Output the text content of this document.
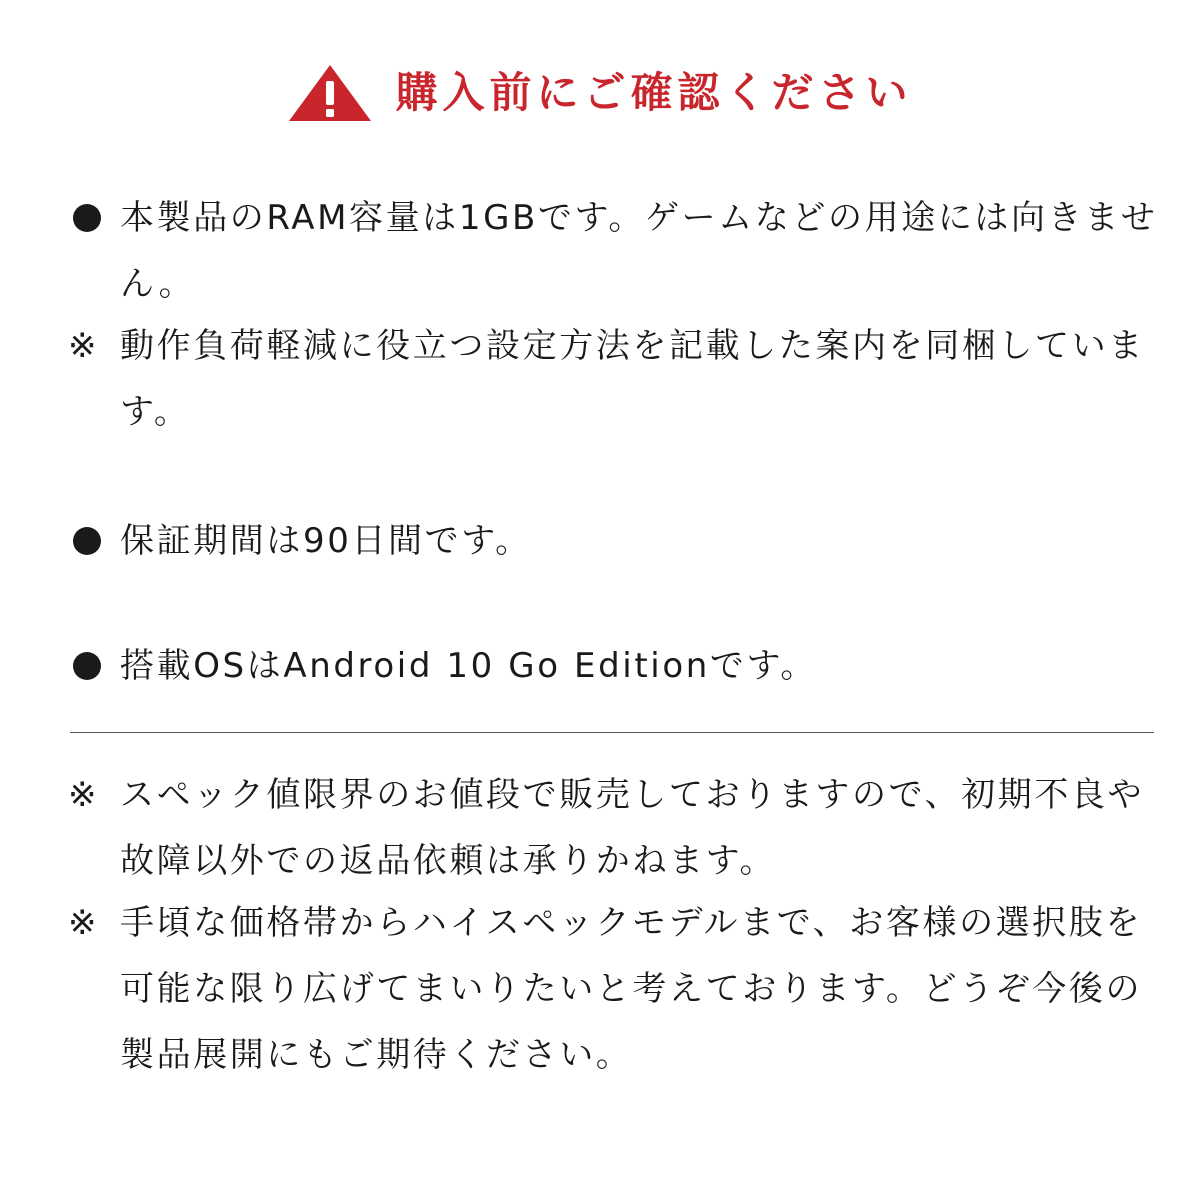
購入前にご確認ください
本製品のRAM容量は1GBです。ゲームなどの用途には向きません。
※ 動作負荷軽減に役立つ設定方法を記載した案内を同梱しています。
保証期間は90日間です。
搭載OSはAndroid 10 Go Editionです。
※ スペック値限界のお値段で販売しておりますので、初期不良や故障以外での返品依頼は承りかねます。
※ 手頃な価格帯からハイスペックモデルまで、お客様の選択肢を可能な限り広げてまいりたいと考えております。どうぞ今後の製品展開にもご期待ください。
